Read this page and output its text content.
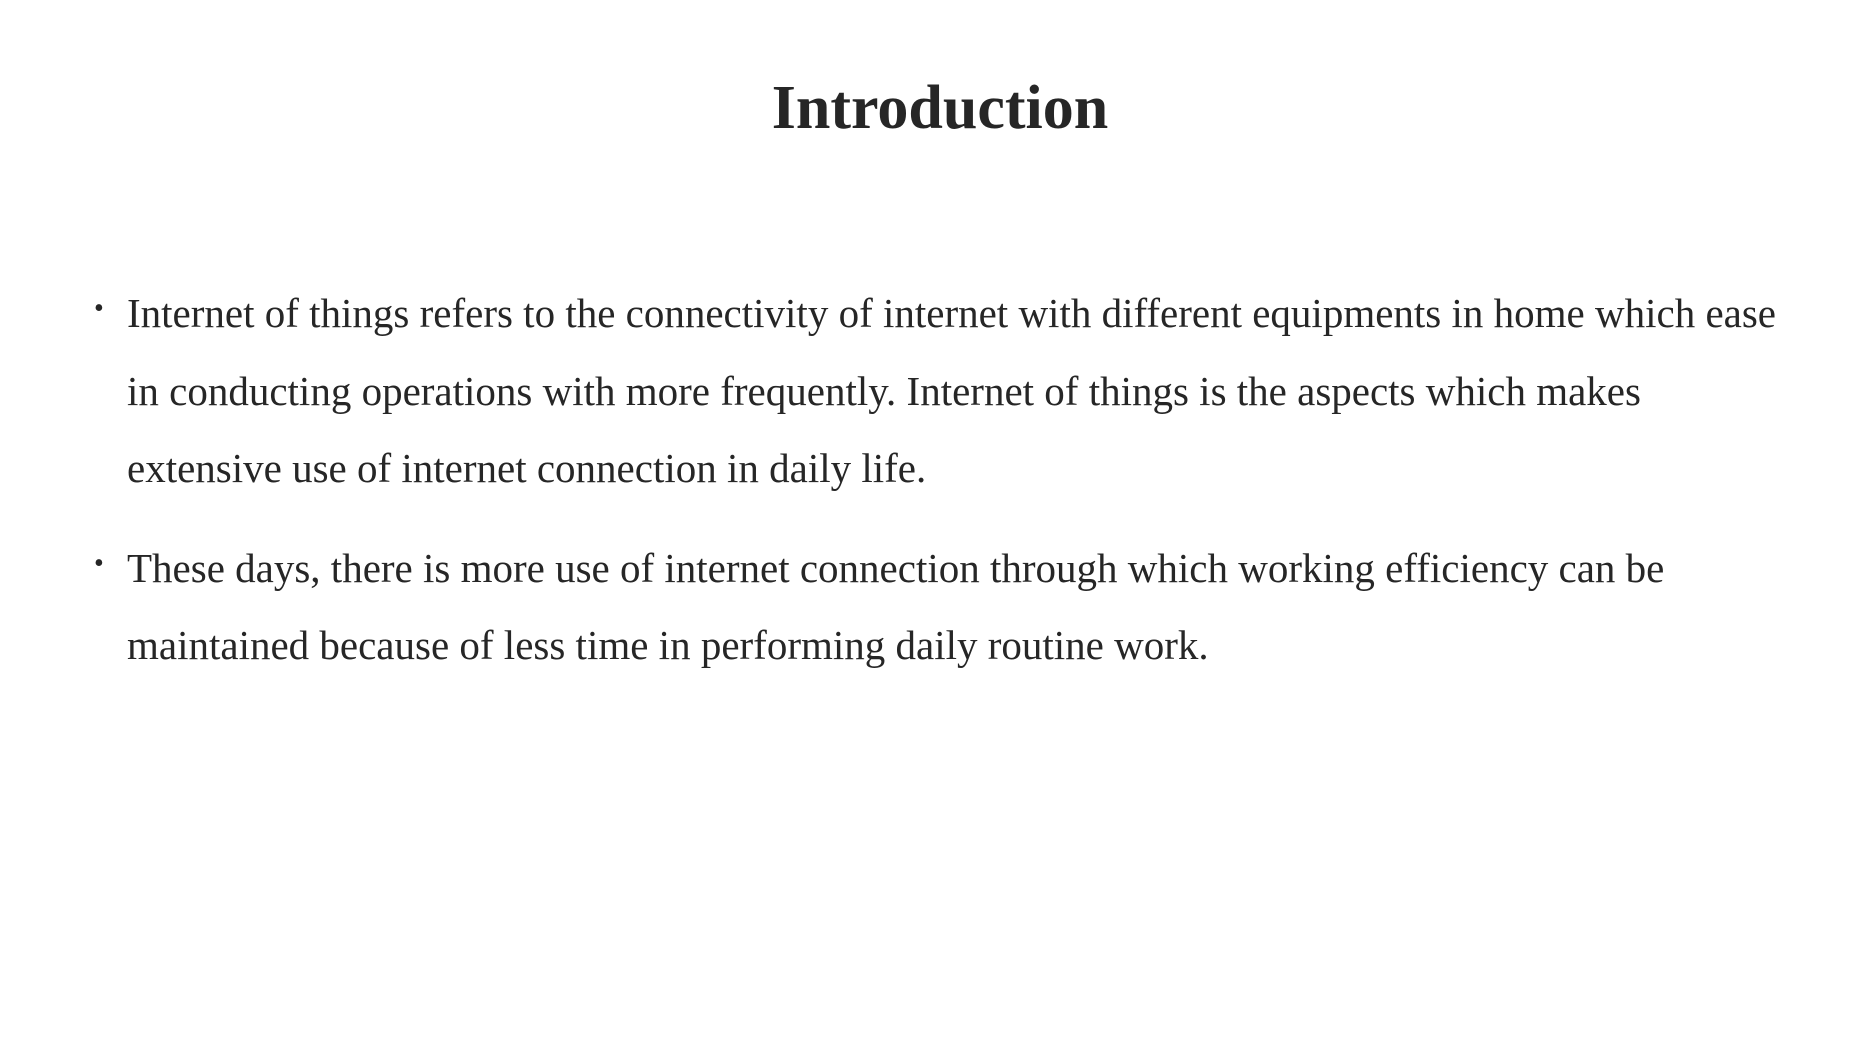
Introduction
• Internet of things refers to the connectivity of internet with different equipments in home which ease in conducting operations with more frequently. Internet of things is the aspects which makes extensive use of internet connection in daily life.
• These days, there is more use of internet connection through which working efficiency can be maintained because of less time in performing daily routine work.
